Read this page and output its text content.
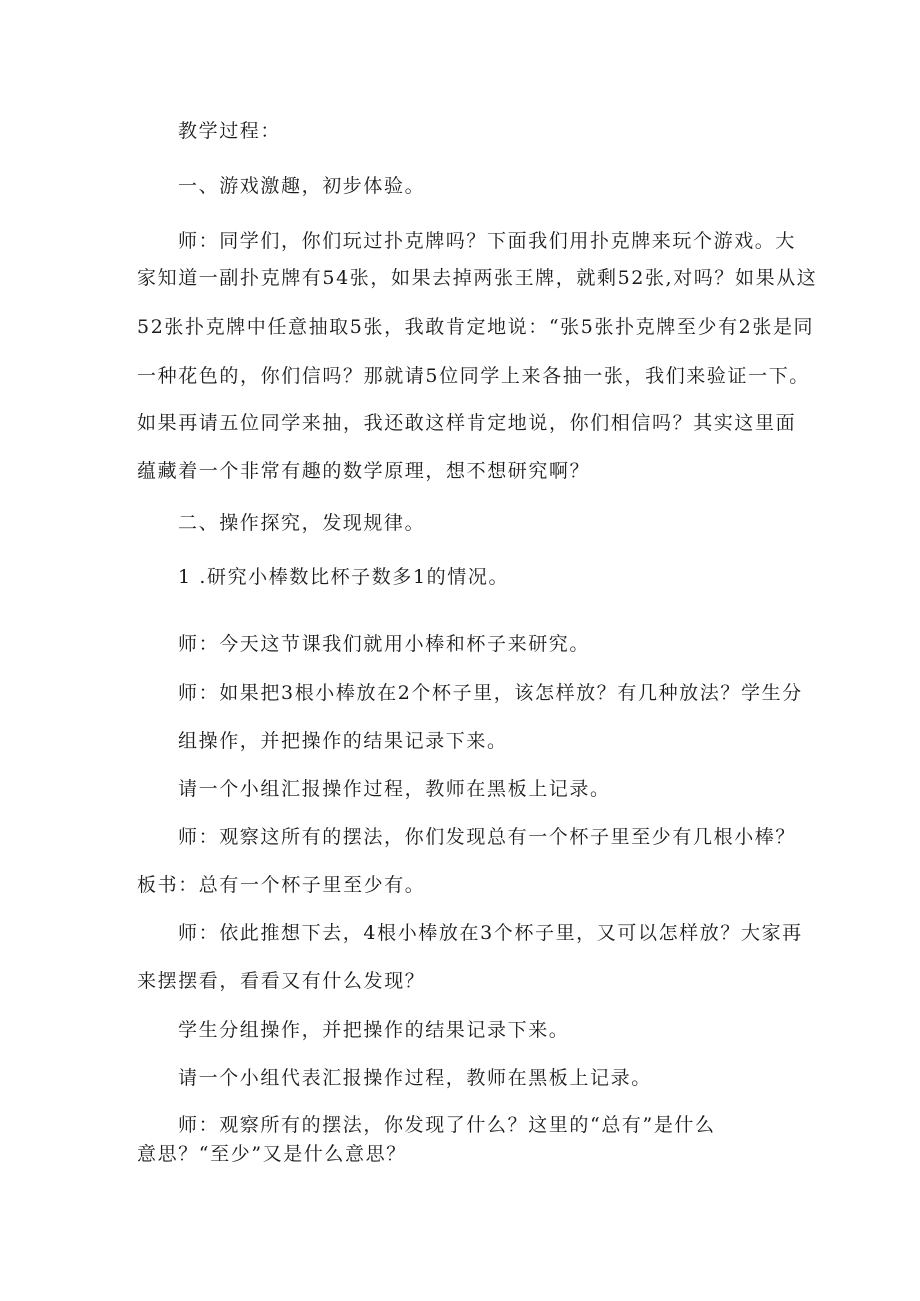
教学过程：
一、游戏激趣，初步体验。
师：同学们，你们玩过扑克牌吗？下面我们用扑克牌来玩个游戏。大
家知道一副扑克牌有54张，如果去掉两张王牌，就剩52张,对吗？如果从这
52张扑克牌中任意抽取5张，我敢肯定地说：“张5张扑克牌至少有2张是同
一种花色的，你们信吗？那就请5位同学上来各抽一张，我们来验证一下。
如果再请五位同学来抽，我还敢这样肯定地说，你们相信吗？其实这里面
蕴藏着一个非常有趣的数学原理，想不想研究啊？
二、操作探究，发现规律。
1 .研究小棒数比杯子数多1的情况。
师：今天这节课我们就用小棒和杯子来研究。
师：如果把3根小棒放在2个杯子里，该怎样放？有几种放法？学生分
组操作，并把操作的结果记录下来。
请一个小组汇报操作过程，教师在黑板上记录。
师：观察这所有的摆法，你们发现总有一个杯子里至少有几根小棒？
板书：总有一个杯子里至少有。
师：依此推想下去，4根小棒放在3个杯子里，又可以怎样放？大家再
来摆摆看，看看又有什么发现？
学生分组操作，并把操作的结果记录下来。
请一个小组代表汇报操作过程，教师在黑板上记录。
师：观察所有的摆法，你发现了什么？这里的“总有”是什么
意思？“至少”又是什么意思？
